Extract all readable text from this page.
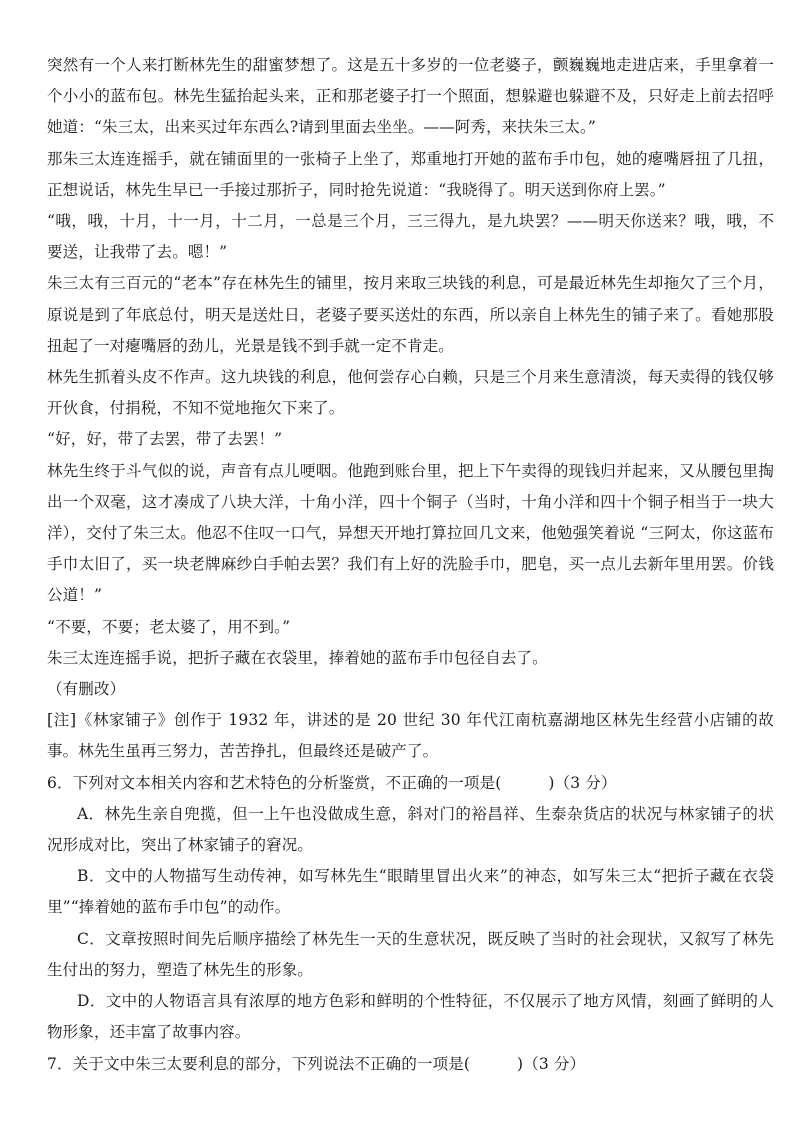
突然有一个人来打断林先生的甜蜜梦想了。这是五十多岁的一位老婆子，颤巍巍地走进店来，手里拿着一个小小的蓝布包。林先生猛抬起头来，正和那老婆子打一个照面，想躲避也躲避不及，只好走上前去招呼她道：“朱三太，出来买过年东西么?请到里面去坐坐。——阿秀，来扶朱三太。”

那朱三太连连摇手，就在铺面里的一张椅子上坐了，郑重地打开她的蓝布手巾包，她的瘪嘴唇扭了几扭，正想说话，林先生早已一手接过那折子，同时抢先说道：“我晓得了。明天送到你府上罢。”

“哦，哦，十月，十一月，十二月，一总是三个月，三三得九，是九块罢？——明天你送来？哦，哦，不要送，让我带了去。嗯！”

朱三太有三百元的“老本”存在林先生的铺里，按月来取三块钱的利息，可是最近林先生却拖欠了三个月，原说是到了年底总付，明天是送灶日，老婆子要买送灶的东西，所以亲自上林先生的铺子来了。看她那股扭起了一对瘪嘴唇的劲儿，光景是钱不到手就一定不肯走。

林先生抓着头皮不作声。这九块钱的利息，他何尝存心白赖，只是三个月来生意清淡，每天卖得的钱仅够开伙食，付捐税，不知不觉地拖欠下来了。

“好，好，带了去罢，带了去罢！”

林先生终于斗气似的说，声音有点儿哽咽。他跑到账台里，把上下午卖得的现钱归并起来，又从腰包里掏出一个双毫，这才凑成了八块大洋，十角小洋，四十个铜子（当时，十角小洋和四十个铜子相当于一块大洋），交付了朱三太。他忍不住叹一口气，异想天开地打算拉回几文来，他勉强笑着说 “三阿太，你这蓝布手巾太旧了，买一块老牌麻纱白手帕去罢？我们有上好的洗脸手巾，肥皂，买一点儿去新年里用罢。价钱公道！”

“不要，不要；老太婆了，用不到。”

朱三太连连摇手说，把折子藏在衣袋里，捧着她的蓝布手巾包径自去了。

（有删改）

[注]《林家铺子》创作于 1932 年，讲述的是 20 世纪 30 年代江南杭嘉湖地区林先生经营小店铺的故事。林先生虽再三努力，苦苦挣扎，但最终还是破产了。

6．下列对文本相关内容和艺术特色的分析鉴赏，不正确的一项是(　　　)（3 分）

A．林先生亲自兜揽，但一上午也没做成生意，斜对门的裕昌祥、生泰杂货店的状况与林家铺子的状况形成对比，突出了林家铺子的窘况。

B．文中的人物描写生动传神，如写林先生“眼睛里冒出火来”的神态，如写朱三太“把折子藏在衣袋里”“捧着她的蓝布手巾包”的动作。

C．文章按照时间先后顺序描绘了林先生一天的生意状况，既反映了当时的社会现状，又叙写了林先生付出的努力，塑造了林先生的形象。

D．文中的人物语言具有浓厚的地方色彩和鲜明的个性特征，不仅展示了地方风情，刻画了鲜明的人物形象，还丰富了故事内容。

7．关于文中朱三太要利息的部分，下列说法不正确的一项是(　　　)（3 分）
